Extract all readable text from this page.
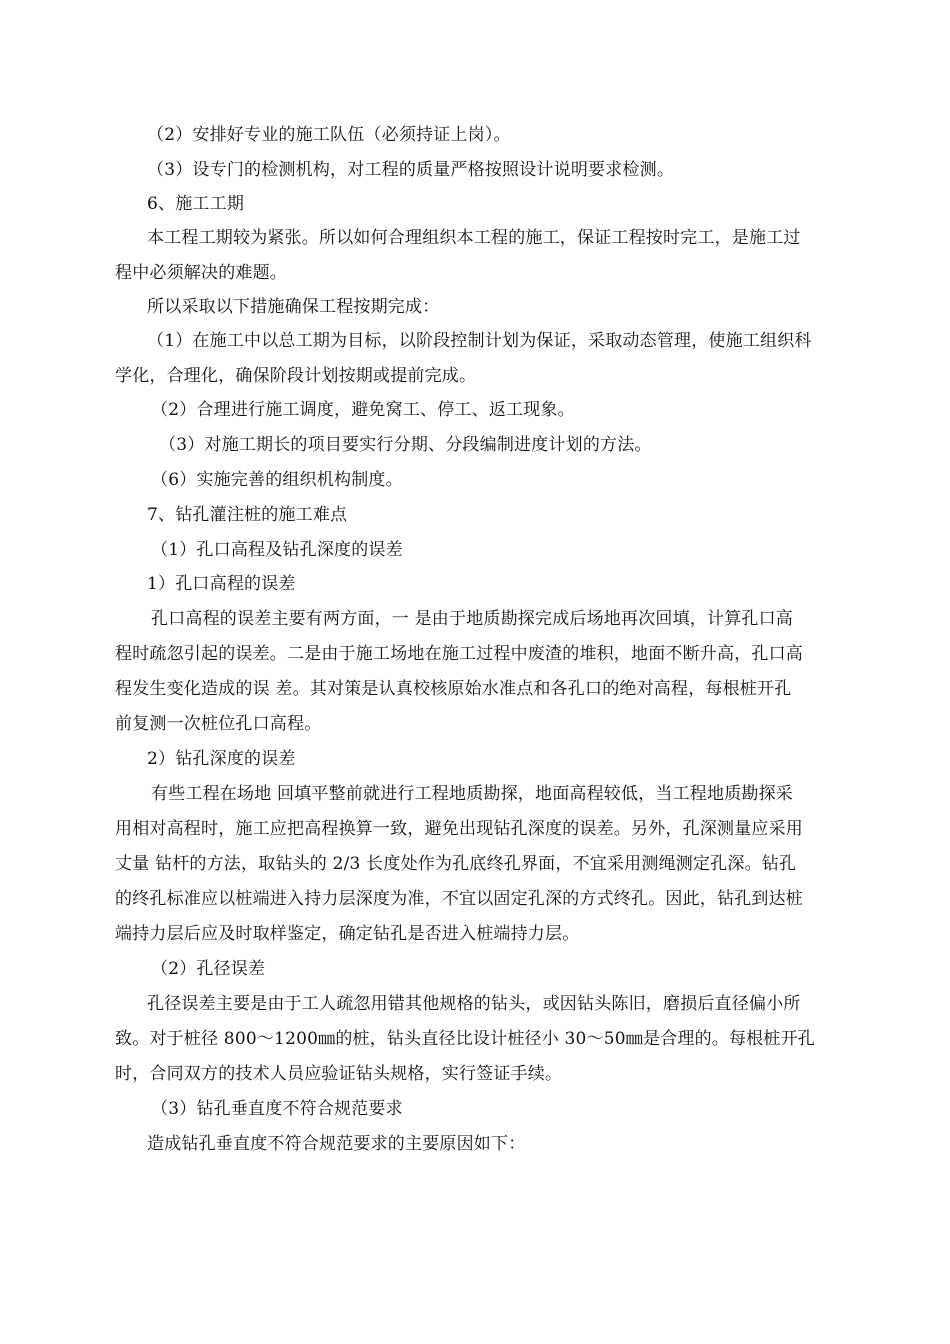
（2）安排好专业的施工队伍（必须持证上岗）。
（3）设专门的检测机构，对工程的质量严格按照设计说明要求检测。
6、施工工期
本工程工期较为紧张。所以如何合理组织本工程的施工，保证工程按时完工，是施工过
程中必须解决的难题。
所以采取以下措施确保工程按期完成：
（1）在施工中以总工期为目标，以阶段控制计划为保证，采取动态管理，使施工组织科
学化，合理化，确保阶段计划按期或提前完成。
（2）合理进行施工调度，避免窝工、停工、返工现象。
（3）对施工期长的项目要实行分期、分段编制进度计划的方法。
（6）实施完善的组织机构制度。
7、钻孔灌注桩的施工难点
（1）孔口高程及钻孔深度的误差
1）孔口高程的误差
孔口高程的误差主要有两方面，一 是由于地质勘探完成后场地再次回填，计算孔口高
程时疏忽引起的误差。二是由于施工场地在施工过程中废渣的堆积，地面不断升高，孔口高
程发生变化造成的误 差。其对策是认真校核原始水准点和各孔口的绝对高程，每根桩开孔
前复测一次桩位孔口高程。
2）钻孔深度的误差
有些工程在场地 回填平整前就进行工程地质勘探，地面高程较低，当工程地质勘探采
用相对高程时，施工应把高程换算一致，避免出现钻孔深度的误差。另外，孔深测量应采用
丈量 钻杆的方法，取钻头的 2/3 长度处作为孔底终孔界面，不宜采用测绳测定孔深。钻孔
的终孔标准应以桩端进入持力层深度为准，不宜以固定孔深的方式终孔。因此，钻孔到达桩
端持力层后应及时取样鉴定，确定钻孔是否进入桩端持力层。
（2）孔径误差
孔径误差主要是由于工人疏忽用错其他规格的钻头，或因钻头陈旧，磨损后直径偏小所
致。对于桩径 800～1200㎜的桩，钻头直径比设计桩径小 30～50㎜是合理的。每根桩开孔
时，合同双方的技术人员应验证钻头规格，实行签证手续。
（3）钻孔垂直度不符合规范要求
造成钻孔垂直度不符合规范要求的主要原因如下：
